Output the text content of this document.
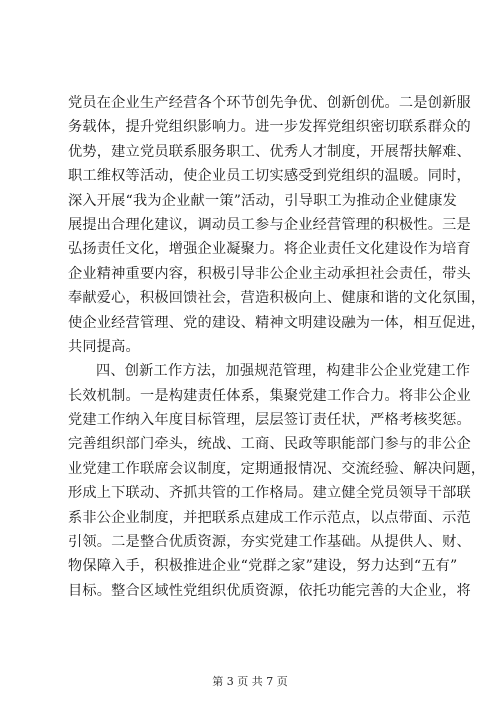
党员在企业生产经营各个环节创先争优、创新创优。二是创新服
务载体，提升党组织影响力。进一步发挥党组织密切联系群众的
优势，建立党员联系服务职工、优秀人才制度，开展帮扶解难、
职工维权等活动，使企业员工切实感受到党组织的温暖。同时，
深入开展“我为企业献一策”活动，引导职工为推动企业健康发
展提出合理化建议，调动员工参与企业经营管理的积极性。三是
弘扬责任文化，增强企业凝聚力。将企业责任文化建设作为培育
企业精神重要内容，积极引导非公企业主动承担社会责任，带头
奉献爱心，积极回馈社会，营造积极向上、健康和谐的文化氛围，
使企业经营管理、党的建设、精神文明建设融为一体，相互促进，
共同提高。
四、创新工作方法，加强规范管理，构建非公企业党建工作
长效机制。一是构建责任体系，集聚党建工作合力。将非公企业
党建工作纳入年度目标管理，层层签订责任状，严格考核奖惩。
完善组织部门牵头，统战、工商、民政等职能部门参与的非公企
业党建工作联席会议制度，定期通报情况、交流经验、解决问题，
形成上下联动、齐抓共管的工作格局。建立健全党员领导干部联
系非公企业制度，并把联系点建成工作示范点，以点带面、示范
引领。二是整合优质资源，夯实党建工作基础。从提供人、财、
物保障入手，积极推进企业“党群之家”建设，努力达到“五有”
目标。整合区域性党组织优质资源，依托功能完善的大企业，将
第 3 页 共 7 页
